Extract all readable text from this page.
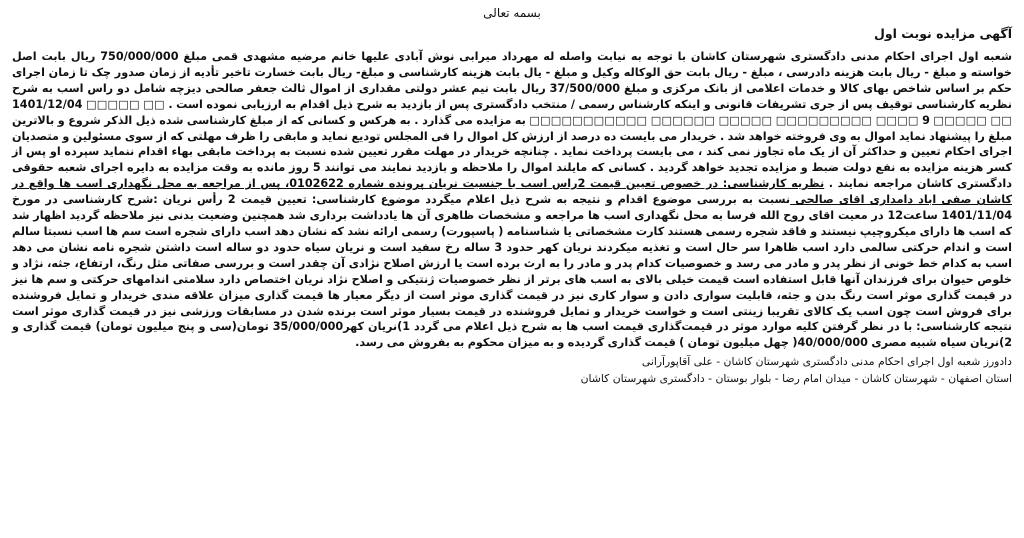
بسمه تعالی
آگهی مزایده نوبت اول
شعبه اول اجرای احکام مدنی دادگستری شهرستان کاشان با توجه به نیابت واصله له مهرداد میرابی نوش آبادی علیها خانم مرضیه مشهدی قمی مبلغ 750/000/000 ریال بابت اصل خواسته و مبلغ - ریال بابت هزینه دادرسی ، مبلغ - ریال بابت حق الوکاله وکیل و مبلغ - یال بابت هزینه کارشناسی و مبلغ- ریال بابت خسارت تاخیر تأدیه از زمان صدور چک تا زمان اجرای حکم بر اساس شاخص بهای کالا و خدمات اعلامی از بانک مرکزی و مبلغ 37/500/000 ریال بابت نیم عشر دولتی مقداری از اموال ثالث جعفر صالحی دیزچه شامل دو راس اسب به شرح نظریه کارشناسی توقیف پس از جری تشریفات قانونی و اینکه کارشناس رسمی / منتخب دادگستری پس از بازدید به شرح ذیل اقدام به ارزیابی نموده است . □□ □□□□□ 1401/12/04 □□ □□□□□ 9 □□□□ □□□□□□□□□ □□□□□ □□□□□□ □□□□□□□□□□□ به مزایده می گذارد . به هرکس و کسانی که از مبلغ کارشناسی شده ذیل الذکر شروع و بالاترین مبلغ را پیشنهاد نماید اموال به وی فروخته خواهد شد . خریدار می بایست ده درصد از ارزش کل اموال را فی المجلس تودیع نماید و مابقی را ظرف مهلتی که از سوی مسئولین و متصدیان اجرای احکام تعیین و حداکثر آن از یک ماه تجاوز نمی کند ، می بایست پرداخت نماید . چنانچه خریدار در مهلت مقرر تعیین شده نسبت به پرداخت مابقی بهاء اقدام ننماید سپرده او پس از کسر هزینه مزایده به نفع دولت ضبط و مزایده تجدید خواهد گردید . کسانی که مایلند اموال را ملاحظه و بازدید نمایند می توانند 5 روز مانده به وقت مزایده به دایره اجرای شعبه حقوقی دادگستری کاشان مراجعه نمایند . نظریه کارشناسی: در خصوص تعیین قیمت 2راس اسب با جنسیت نریان پرونده شماره 0102622، پس از مراجعه به محل نگهداری اسب ها واقع در کاشان صفی اباد دامداری اقای صالحی نسبت به بررسی موضوع اقدام و نتیجه به شرح ذیل اعلام میگردد موضوع کارشناسی: تعیین قیمت 2 رأس نریان :شرح کارشناسی در مورخ 1401/11/04 ساعت12 در معیت اقای روح الله فرسا به محل نگهداری اسب ها مراجعه و مشخصات ظاهری آن ها یادداشت برداری شد همچنین وضعیت بدنی نیز ملاحظه گردید اظهار شد که اسب ها دارای میکروچیپ نیستند و فاقد شجره رسمی هستند کارت مشخصاتی یا شناسنامه ( پاسپورت) رسمی ارائه نشد که نشان دهد اسب دارای شجره است سم ها اسب نسبتا سالم است و اندام حرکتی سالمی دارد اسب ظاهرا سر حال است و تغذیه میکردند نریان کهر حدود 3 ساله رخ سفید است و نریان سیاه حدود دو ساله است داشتن شجره نامه نشان می دهد اسب به کدام خط خونی از نظر پدر و مادر می رسد و خصوصیات کدام پدر و مادر را به ارث برده است یا ارزش اصلاح نژادی آن چقدر است و بررسی صفاتی مثل رنگ، ارتفاع، جثه، نژاد و خلوص حیوان برای فرزندان آنها قابل استفاده است قیمت خیلی بالای به اسب های برتر از نظر خصوصیات ژنتیکی و اصلاح نژاد نریان اختصاص دارد سلامتی اندامهای حرکتی و سم ها نیز در قیمت گذاری موثر است رنگ بدن و جثه، قابلیت سواری دادن و سوار کاری نیز در قیمت گذاری موثر است از دیگر معیار ها قیمت گذاری میزان علاقه مندی خریدار و تمایل فروشنده برای فروش است چون اسب یک کالای تقریبا زینتی است و خواست خریدار و تمایل فروشنده در قیمت بسیار موثر است برنده شدن در مسابقات ورزشی نیز در قیمت گذاری موثر است نتیجه کارشناسی: با در نظر گرفتن کلیه موارد موثر در قیمت‌گذاری قیمت اسب ها به شرح ذیل اعلام می گردد 1)نریان کهر35/000/000 تومان(سی و پنج میلیون تومان) قیمت گذاری و 2)نریان سیاه شبیه مصری 40/000/000( چهل میلیون تومان ) قیمت گذاری گردیده و به میزان محکوم به بفروش می رسد.
دادورز شعبه اول اجرای احکام مدنی دادگستری شهرستان کاشان - علی آقاپورآرانی
استان اصفهان - شهرستان کاشان - میدان امام رضا - بلوار بوستان - دادگستری شهرستان کاشان
